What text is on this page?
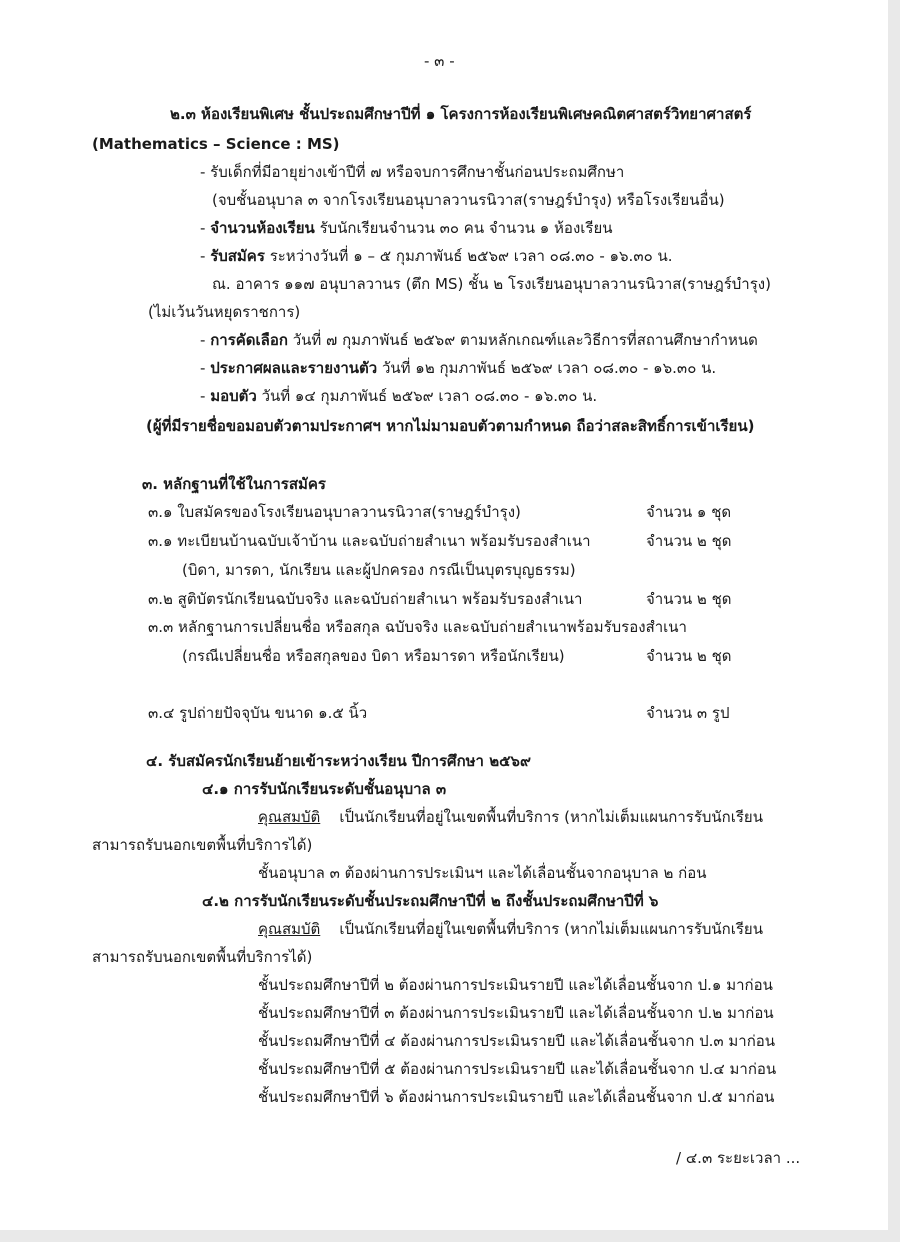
- ๓ -
๒.๓ ห้องเรียนพิเศษ ชั้นประถมศึกษาปีที่ ๑ โครงการห้องเรียนพิเศษคณิตศาสตร์วิทยาศาสตร์
(Mathematics – Science : MS)
- รับเด็กที่มีอายุย่างเข้าปีที่ ๗ หรือจบการศึกษาชั้นก่อนประถมศึกษา
(จบชั้นอนุบาล ๓ จากโรงเรียนอนุบาลวานรนิวาส(ราษฎร์บำรุง) หรือโรงเรียนอื่น)
- จำนวนห้องเรียน รับนักเรียนจำนวน ๓๐ คน จำนวน ๑ ห้องเรียน
- รับสมัคร ระหว่างวันที่ ๑ – ๕ กุมภาพันธ์ ๒๕๖๙ เวลา ๐๘.๓๐ - ๑๖.๓๐ น.
ณ. อาคาร ๑๑๗ อนุบาลวานร (ตึก MS) ชั้น ๒ โรงเรียนอนุบาลวานรนิวาส(ราษฎร์บำรุง)
(ไม่เว้นวันหยุดราชการ)
- การคัดเลือก วันที่ ๗ กุมภาพันธ์ ๒๕๖๙ ตามหลักเกณฑ์และวิธีการที่สถานศึกษากำหนด
- ประกาศผลและรายงานตัว วันที่ ๑๒ กุมภาพันธ์ ๒๕๖๙ เวลา ๐๘.๓๐ - ๑๖.๓๐ น.
- มอบตัว วันที่ ๑๔ กุมภาพันธ์ ๒๕๖๙ เวลา ๐๘.๓๐ - ๑๖.๓๐ น.
(ผู้ที่มีรายชื่อขอมอบตัวตามประกาศฯ หากไม่มามอบตัวตามกำหนด ถือว่าสละสิทธิ์การเข้าเรียน)
๓. หลักฐานที่ใช้ในการสมัคร
๓.๑ ใบสมัครของโรงเรียนอนุบาลวานรนิวาส(ราษฎร์บำรุง)	จำนวน ๑ ชุด
๓.๑ ทะเบียนบ้านฉบับเจ้าบ้าน และฉบับถ่ายสำเนา พร้อมรับรองสำเนา	จำนวน ๒ ชุด
(บิดา, มารดา, นักเรียน และผู้ปกครอง กรณีเป็นบุตรบุญธรรม)
๓.๒ สูติบัตรนักเรียนฉบับจริง และฉบับถ่ายสำเนา พร้อมรับรองสำเนา	จำนวน ๒ ชุด
๓.๓ หลักฐานการเปลี่ยนชื่อ หรือสกุล ฉบับจริง และฉบับถ่ายสำเนาพร้อมรับรองสำเนา
(กรณีเปลี่ยนชื่อ หรือสกุลของ บิดา หรือมารดา หรือนักเรียน)	จำนวน ๒ ชุด
๓.๔ รูปถ่ายปัจจุบัน ขนาด ๑.๕ นิ้ว	จำนวน ๓ รูป
๔. รับสมัครนักเรียนย้ายเข้าระหว่างเรียน ปีการศึกษา ๒๕๖๙
๔.๑ การรับนักเรียนระดับชั้นอนุบาล ๓
คุณสมบัติ เป็นนักเรียนที่อยู่ในเขตพื้นที่บริการ (หากไม่เต็มแผนการรับนักเรียน
สามารถรับนอกเขตพื้นที่บริการได้)
ชั้นอนุบาล ๓ ต้องผ่านการประเมินฯ และได้เลื่อนชั้นจากอนุบาล ๒ ก่อน
๔.๒ การรับนักเรียนระดับชั้นประถมศึกษาปีที่ ๒ ถึงชั้นประถมศึกษาปีที่ ๖
คุณสมบัติ เป็นนักเรียนที่อยู่ในเขตพื้นที่บริการ (หากไม่เต็มแผนการรับนักเรียน
สามารถรับนอกเขตพื้นที่บริการได้)
ชั้นประถมศึกษาปีที่ ๒ ต้องผ่านการประเมินรายปี และได้เลื่อนชั้นจาก ป.๑ มาก่อน
ชั้นประถมศึกษาปีที่ ๓ ต้องผ่านการประเมินรายปี และได้เลื่อนชั้นจาก ป.๒ มาก่อน
ชั้นประถมศึกษาปีที่ ๔ ต้องผ่านการประเมินรายปี และได้เลื่อนชั้นจาก ป.๓ มาก่อน
ชั้นประถมศึกษาปีที่ ๕ ต้องผ่านการประเมินรายปี และได้เลื่อนชั้นจาก ป.๔ มาก่อน
ชั้นประถมศึกษาปีที่ ๖ ต้องผ่านการประเมินรายปี และได้เลื่อนชั้นจาก ป.๕ มาก่อน
/ ๔.๓ ระยะเวลา ...
